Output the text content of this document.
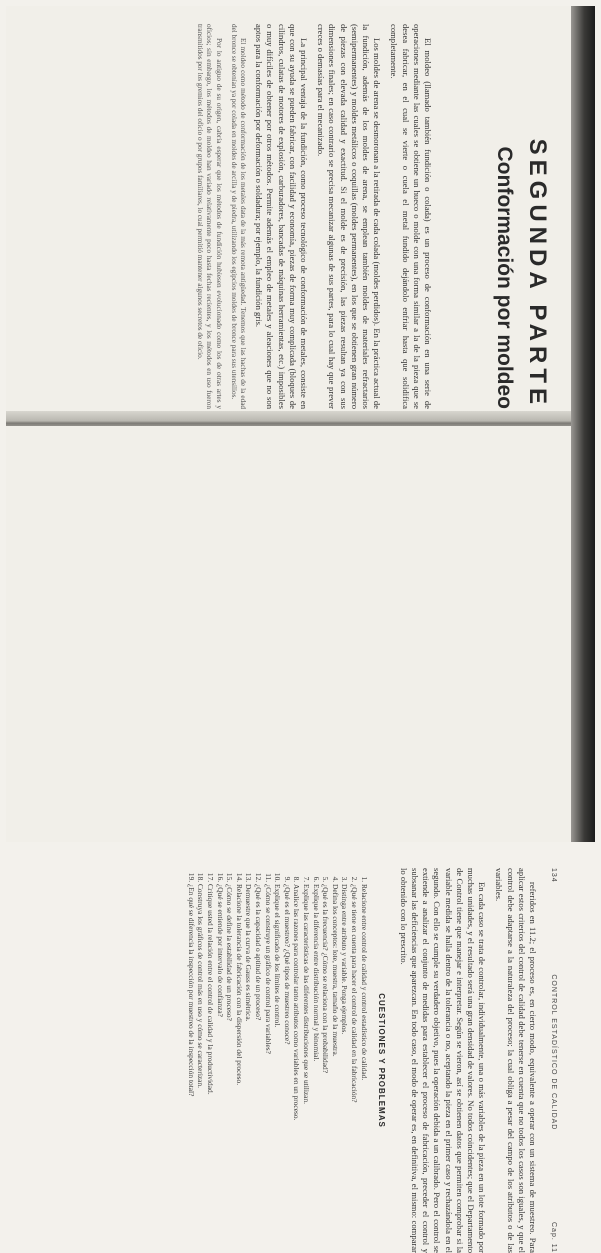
SEGUNDA PARTE
Conformación por moldeo

El moldeo (llamado también fundición o colada) es un proceso de conformación en una serie de operaciones mediante las cuales se obtiene un hueco o molde con una forma similar a la de la pieza que se desea fabricar, en el cual se vierte o cuela el metal fundido dejándolo enfriar hasta que solidifica completamente.

Los moldes de arena se desmoronan a la retirada de cada colada (moldes perdidos). En la práctica actual de la fundición, además de los moldes de arena, se emplean también moldes de materiales refractarios (semipermanentes) y moldes metálicos o coquillas (moldes permanentes), en los que se obtienen gran número de piezas con elevada calidad y exactitud. Si el molde es de precisión, las piezas resultan ya con sus dimensiones finales; en caso contrario se precisa mecanizar algunas de sus partes, para lo cual hay que prever creces o demasías para el mecanizado.

La principal ventaja de la fundición, como proceso tecnológico de conformación de metales, consiste en que con su ayuda se pueden fabricar, con facilidad y economía, piezas de forma muy complicada (bloques de cilindros, culatas de motores de explosión, carburadores, bancadas de máquinas herramientas, etc.) imposibles o muy difíciles de obtener por otros métodos. Permite además el empleo de metales y aleaciones que no son aptos para la conformación por deformación o soldadura; por ejemplo, la fundición gris.

El moldeo como método de conformación de los metales data de la más remota antigüedad. Tenemos que las hachas de la edad del bronce se obtenían ya por colada en moldes de arcilla y de piedra, utilizando los egipcios moldes de bronce para sus utensilios.

Por lo antiguo de su origen, cabría esperar que los métodos de fundición hubiesen evolucionado como los de otras artes y oficios; sin embargo, los métodos de moldeo han variado relativamente poco hasta fechas recientes, y los métodos en uso fueron transmitidos por los gremios del oficio o por grupos familiares, lo cual permitió mantener algunos secretos de oficio.

134
CONTROL ESTADÍSTICO DE CALIDAD
Cap. 11

referidos en 11.2; el proceso es, en cierto modo, equivalente a operar con un sistema de muestreo. Para aplicar estos criterios del control de calidad debe tenerse en cuenta que no todos los casos son iguales, y que el control debe adaptarse a la naturaleza del proceso; la cual obliga a pesar del campo de los atributos o de las variables.

En cada caso se trata de controlar, individualmente, una o más variables de la pieza en un lote formado por muchas unidades, y el resultado será una gran densidad de valores. No todos coincidentes; que el Departamento de Control tiene que manejar e interpretar. Según se vieron, así se obtienen datos que permiten comprobar si la variable medida se halla dentro de la tolerancia o no, aceptando la pieza en el primer caso y rechazándola en el segundo. Con ello se cumple su verdadero objetivo, pues la operación debida a un calibrado. Pero el control se extiende a analizar el conjunto de medidas para establecer el proceso de fabricación, preceder el control y subsanar las deficiencias que aparezcan. En todo caso, el modo de operar es, en definitiva, el mismo: comparar lo obtenido con lo prescrito.

CUESTIONES Y PROBLEMAS
1. Relacione entre control de calidad y control estadístico de calidad.
2. ¿Qué se tiene en cuenta para hacer el control de calidad en la fabricación?
3. Distinga entre atributo y variable. Ponga ejemplos.
4. Defina los conceptos: lote, muestra, tamaño de la muestra.
5. ¿Qué es la frecuencia? ¿Cómo se relaciona con la probabilidad?
6. Explique la diferencia entre distribución normal y binomial.
7. Explique las características de las diferentes distribuciones que se utilizan.
8. Analice las razones para controlar tanto atributos como variables en un proceso.
9. ¿Qué es el muestreo? ¿Qué tipos de muestreo conoce?
10. Explique el significado de los límites de control.
11. ¿Cómo se construye un gráfico de control para variables?
12. ¿Qué es la capacidad o aptitud de un proceso?
13. Demuestre que la curva de Gauss es simétrica.
14. Relacione la tolerancia de fabricación con la dispersión del proceso.
15. ¿Cómo se define la estabilidad de un proceso?
16. ¿Qué se entiende por intervalo de confianza?
17. Critique usted la relación entre el control de calidad y la productividad.
18. Construya los gráficos de control más en uso y cómo se caracterizan.
19. ¿En qué se diferencia la inspección por muestreo de la inspección total?
